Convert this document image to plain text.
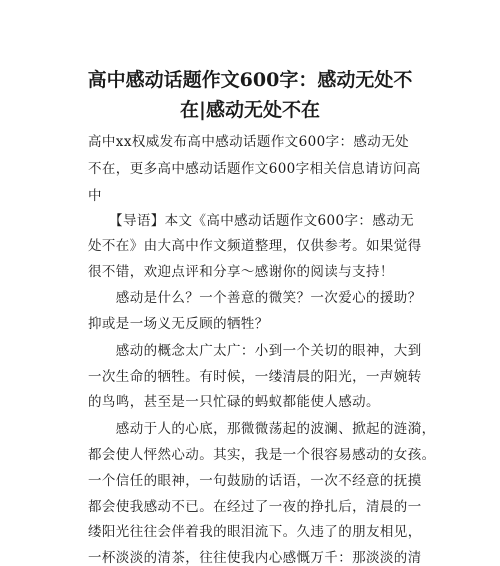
高中感动话题作文600字：感动无处不
在|感动无处不在

高中xx权威发布高中感动话题作文600字：感动无处

不在，更多高中感动话题作文600字相关信息请访问高

中

　　【导语】本文《高中感动话题作文600字：感动无

处不在》由大高中作文频道整理，仅供参考。如果觉得

很不错，欢迎点评和分享～感谢你的阅读与支持！

　　感动是什么？一个善意的微笑？一次爱心的援助？

抑或是一场义无反顾的牺牲？

　　感动的概念太广太广：小到一个关切的眼神，大到

一次生命的牺牲。有时候，一缕清晨的阳光，一声婉转

的鸟鸣，甚至是一只忙碌的蚂蚁都能使人感动。

　　感动于人的心底，那微微荡起的波澜、掀起的涟漪，

都会使人怦然心动。其实，我是一个很容易感动的女孩。

一个信任的眼神，一句鼓励的话语，一次不经意的抚摸

都会使我感动不已。在经过了一夜的挣扎后，清晨的一

缕阳光往往会伴着我的眼泪流下。久违了的朋友相见，

一杯淡淡的清茶，往往使我内心感慨万千：那淡淡的清
